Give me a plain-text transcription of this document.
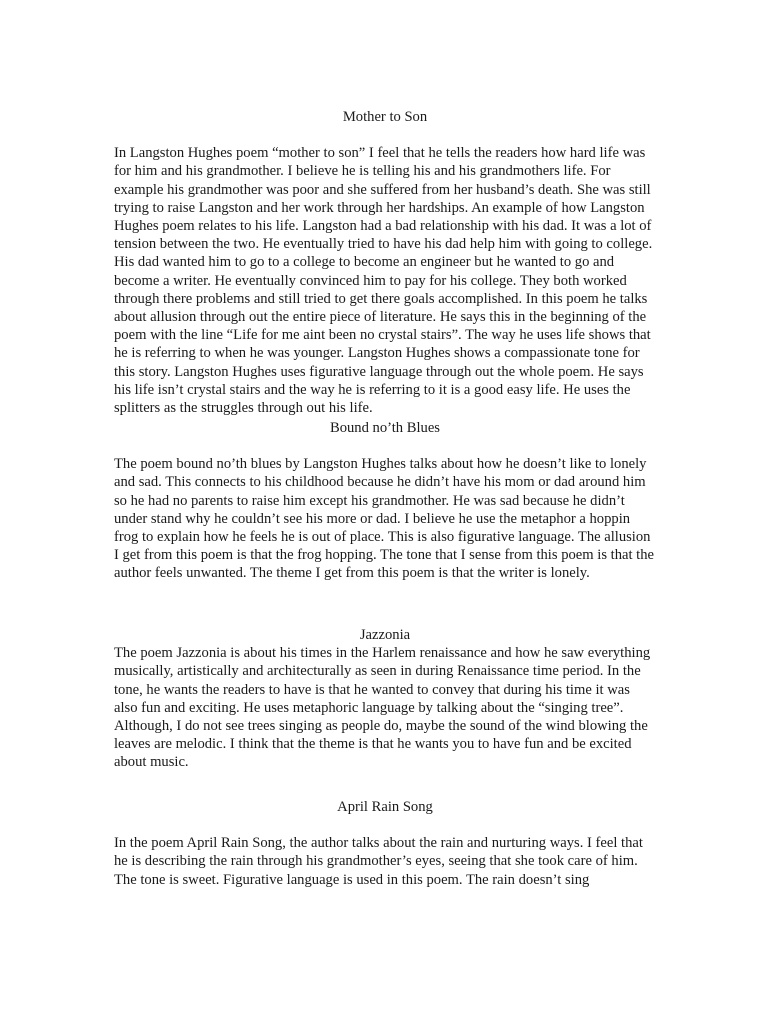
Mother to Son

In Langston Hughes poem “mother to son” I feel that he tells the readers how hard life was for him and his grandmother. I believe he is telling his and his grandmothers life. For example his grandmother was poor and she suffered from her husband’s death. She was still trying to raise Langston and her work through her hardships. An example of how Langston Hughes poem relates to his life. Langston had a bad relationship with his dad. It was a lot of tension between the two. He eventually tried to have his dad help him with going to college. His dad wanted him to go to a college to become an engineer but he wanted to go and become a writer. He eventually convinced him to pay for his college. They both worked through there problems and still tried to get there goals accomplished. In this poem he talks about allusion through out the entire piece of literature. He says this in the beginning of the poem with the line “Life for me aint been no crystal stairs”. The way he uses life shows that he is referring to when he was younger. Langston Hughes shows a compassionate tone for this story. Langston Hughes uses figurative language through out the whole poem. He says his life isn’t crystal stairs and the way he is referring to it is a good easy life. He uses the splitters as the struggles through out his life.

Bound no’th Blues

The poem bound no’th blues by Langston Hughes talks about how he doesn’t like to lonely and sad. This connects to his childhood because he didn’t have his mom or dad around him so he had no parents to raise him except his grandmother. He was sad because he didn’t under stand why he couldn’t see his more or dad. I believe he use the metaphor a hoppin frog to explain how he feels he is out of place. This is also figurative language. The allusion I get from this poem is that the frog hopping. The tone that I sense from this poem is that the author feels unwanted. The theme I get from this poem is that the writer is lonely.

Jazzonia

The poem Jazzonia is about his times in the Harlem renaissance and how he saw everything musically, artistically and architecturally as seen in during Renaissance time period. In the tone, he wants the readers to have is that he wanted to convey that during his time it was also fun and exciting. He uses metaphoric language by talking about the “singing tree”. Although, I do not see trees singing as people do, maybe the sound of the wind blowing the leaves are melodic. I think that the theme is that he wants you to have fun and be excited about music.

April Rain Song

In the poem April Rain Song, the author talks about the rain and nurturing ways. I feel that he is describing the rain through his grandmother’s eyes, seeing that she took care of him. The tone is sweet. Figurative language is used in this poem. The rain doesn’t sing
